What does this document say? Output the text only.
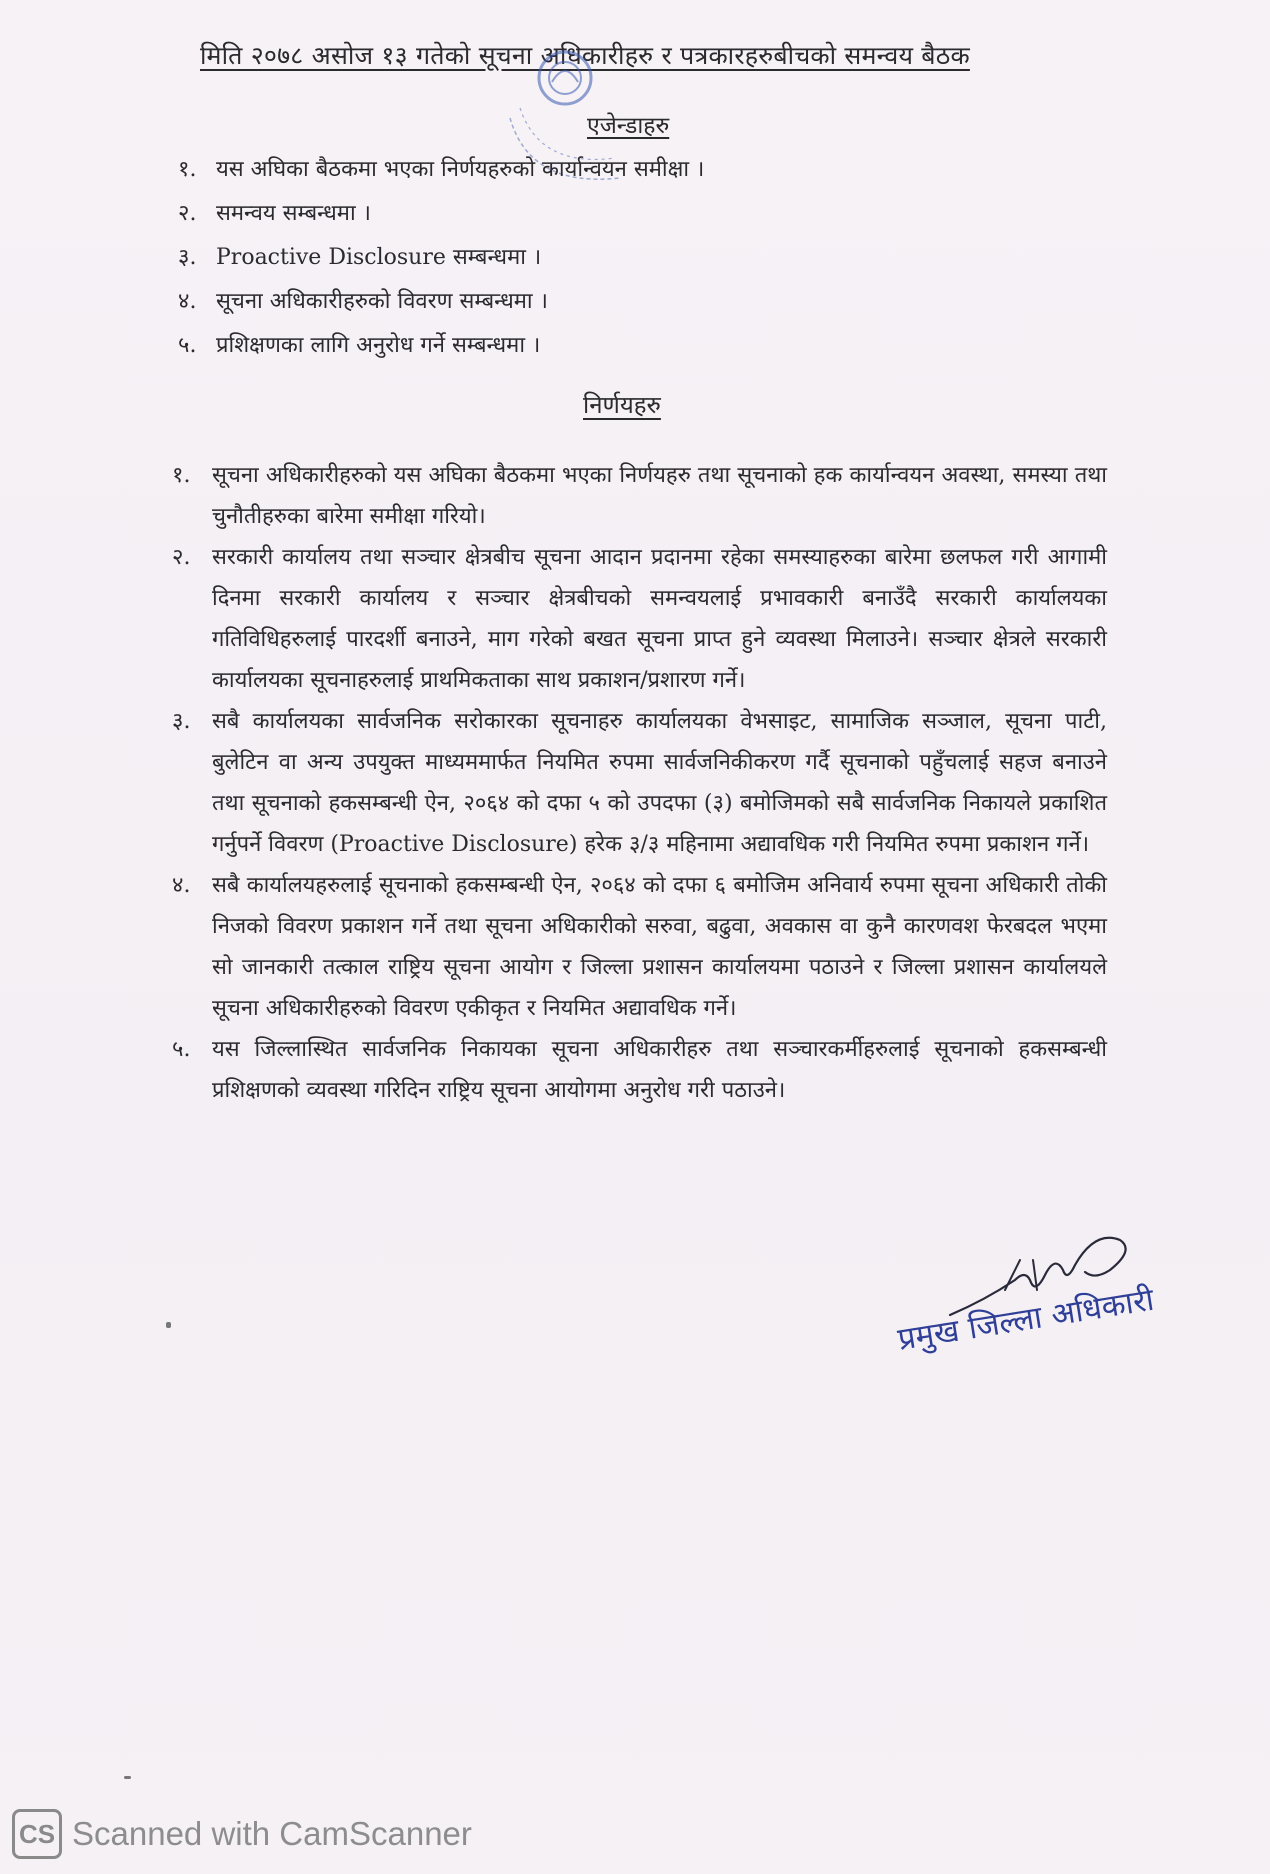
मिति २०७८ असोज १३ गतेको सूचना अधिकारीहरु र पत्रकारहरुबीचको समन्वय बैठक
एजेन्डाहरु
१. यस अघिका बैठकमा भएका निर्णयहरुको कार्यान्वयन समीक्षा ।
२. समन्वय सम्बन्धमा ।
३. Proactive Disclosure सम्बन्धमा ।
४. सूचना अधिकारीहरुको विवरण सम्बन्धमा ।
५. प्रशिक्षणका लागि अनुरोध गर्ने सम्बन्धमा ।
निर्णयहरु
१. सूचना अधिकारीहरुको यस अघिका बैठकमा भएका निर्णयहरु तथा सूचनाको हक कार्यान्वयन अवस्था, समस्या तथा चुनौतीहरुका बारेमा समीक्षा गरियो।
२. सरकारी कार्यालय तथा सञ्चार क्षेत्रबीच सूचना आदान प्रदानमा रहेका समस्याहरुका बारेमा छलफल गरी आगामी दिनमा सरकारी कार्यालय र सञ्चार क्षेत्रबीचको समन्वयलाई प्रभावकारी बनाउँदै सरकारी कार्यालयका गतिविधिहरुलाई पारदर्शी बनाउने, माग गरेको बखत सूचना प्राप्त हुने व्यवस्था मिलाउने। सञ्चार क्षेत्रले सरकारी कार्यालयका सूचनाहरुलाई प्राथमिकताका साथ प्रकाशन/प्रशारण गर्ने।
३. सबै कार्यालयका सार्वजनिक सरोकारका सूचनाहरु कार्यालयका वेभसाइट, सामाजिक सञ्जाल, सूचना पाटी, बुलेटिन वा अन्य उपयुक्त माध्यममार्फत नियमित रुपमा सार्वजनिकीकरण गर्दै सूचनाको पहुँचलाई सहज बनाउने तथा सूचनाको हकसम्बन्धी ऐन, २०६४ को दफा ५ को उपदफा (३) बमोजिमको सबै सार्वजनिक निकायले प्रकाशित गर्नुपर्ने विवरण (Proactive Disclosure) हरेक ३/३ महिनामा अद्यावधिक गरी नियमित रुपमा प्रकाशन गर्ने।
४. सबै कार्यालयहरुलाई सूचनाको हकसम्बन्धी ऐन, २०६४ को दफा ६ बमोजिम अनिवार्य रुपमा सूचना अधिकारी तोकी निजको विवरण प्रकाशन गर्ने तथा सूचना अधिकारीको सरुवा, बढुवा, अवकास वा कुनै कारणवश फेरबदल भएमा सो जानकारी तत्काल राष्ट्रिय सूचना आयोग र जिल्ला प्रशासन कार्यालयमा पठाउने र जिल्ला प्रशासन कार्यालयले सूचना अधिकारीहरुको विवरण एकीकृत र नियमित अद्यावधिक गर्ने।
५. यस जिल्लास्थित सार्वजनिक निकायका सूचना अधिकारीहरु तथा सञ्चारकर्मीहरुलाई सूचनाको हकसम्बन्धी प्रशिक्षणको व्यवस्था गरिदिन राष्ट्रिय सूचना आयोगमा अनुरोध गरी पठाउने।
प्रमुख जिल्ला अधिकारी
CS Scanned with CamScanner
